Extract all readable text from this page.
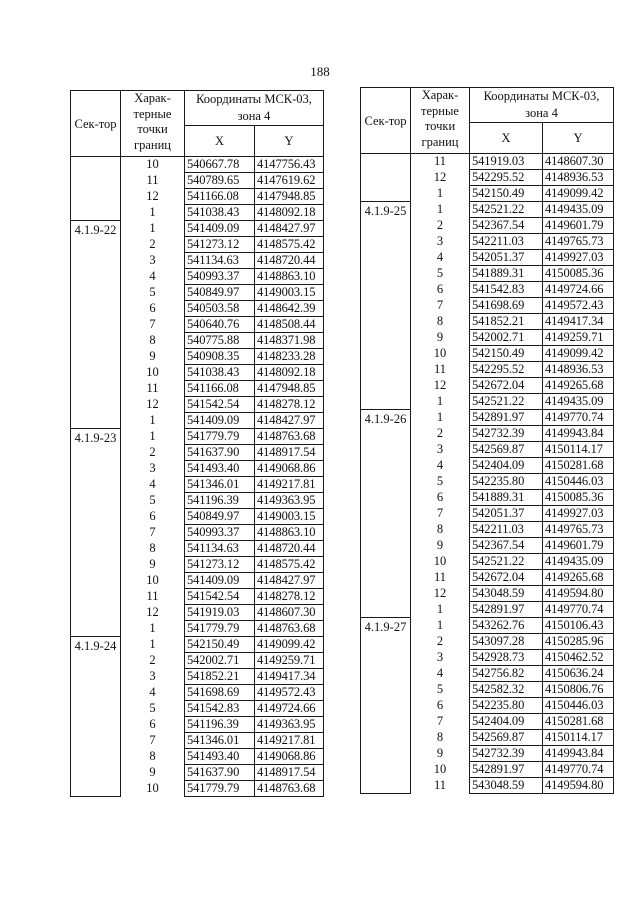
188
Сек-тор	Харак-терные точки границ	Координаты МСК-03, зона 4	
		X	Y
	10	540667.78	4147756.43
	11	540789.65	4147619.62
	12	541166.08	4147948.85
	1	541038.43	4148092.18
4.1.9-22	1	541409.09	4148427.97
	2	541273.12	4148575.42
	3	541134.63	4148720.44
	4	540993.37	4148863.10
	5	540849.97	4149003.15
	6	540503.58	4148642.39
	7	540640.76	4148508.44
	8	540775.88	4148371.98
	9	540908.35	4148233.28
	10	541038.43	4148092.18
	11	541166.08	4147948.85
	12	541542.54	4148278.12
	1	541409.09	4148427.97
4.1.9-23	1	541779.79	4148763.68
	2	541637.90	4148917.54
	3	541493.40	4149068.86
	4	541346.01	4149217.81
	5	541196.39	4149363.95
	6	540849.97	4149003.15
	7	540993.37	4148863.10
	8	541134.63	4148720.44
	9	541273.12	4148575.42
	10	541409.09	4148427.97
	11	541542.54	4148278.12
	12	541919.03	4148607.30
	1	541779.79	4148763.68
4.1.9-24	1	542150.49	4149099.42
	2	542002.71	4149259.71
	3	541852.21	4149417.34
	4	541698.69	4149572.43
	5	541542.83	4149724.66
	6	541196.39	4149363.95
	7	541346.01	4149217.81
	8	541493.40	4149068.86
	9	541637.90	4148917.54
	10	541779.79	4148763.68
Сек-тор	Харак-терные точки границ	Координаты МСК-03, зона 4	
		X	Y
	11	541919.03	4148607.30
	12	542295.52	4148936.53
	1	542150.49	4149099.42
4.1.9-25	1	542521.22	4149435.09
	2	542367.54	4149601.79
	3	542211.03	4149765.73
	4	542051.37	4149927.03
	5	541889.31	4150085.36
	6	541542.83	4149724.66
	7	541698.69	4149572.43
	8	541852.21	4149417.34
	9	542002.71	4149259.71
	10	542150.49	4149099.42
	11	542295.52	4148936.53
	12	542672.04	4149265.68
	1	542521.22	4149435.09
4.1.9-26	1	542891.97	4149770.74
	2	542732.39	4149943.84
	3	542569.87	4150114.17
	4	542404.09	4150281.68
	5	542235.80	4150446.03
	6	541889.31	4150085.36
	7	542051.37	4149927.03
	8	542211.03	4149765.73
	9	542367.54	4149601.79
	10	542521.22	4149435.09
	11	542672.04	4149265.68
	12	543048.59	4149594.80
	1	542891.97	4149770.74
4.1.9-27	1	543262.76	4150106.43
	2	543097.28	4150285.96
	3	542928.73	4150462.52
	4	542756.82	4150636.24
	5	542582.32	4150806.76
	6	542235.80	4150446.03
	7	542404.09	4150281.68
	8	542569.87	4150114.17
	9	542732.39	4149943.84
	10	542891.97	4149770.74
	11	543048.59	4149594.80
